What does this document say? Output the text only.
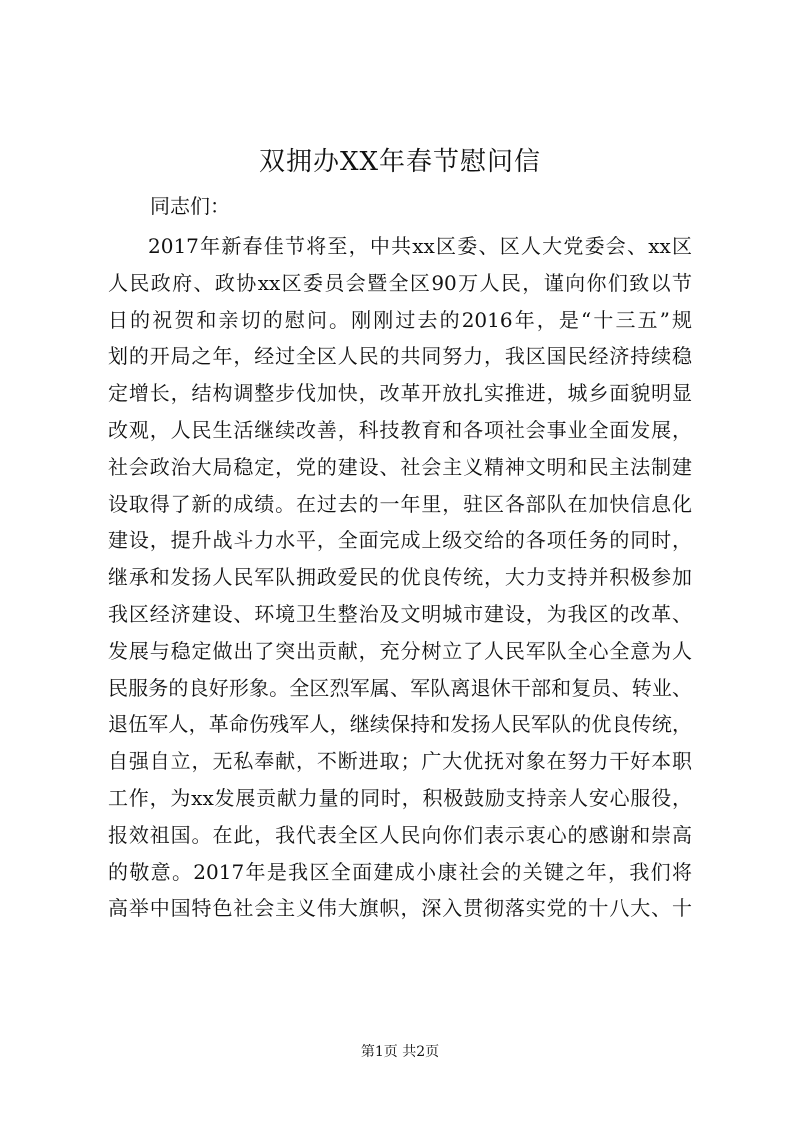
双拥办XX年春节慰问信

同志们：

2017年新春佳节将至，中共xx区委、区人大党委会、xx区
人民政府、政协xx区委员会暨全区90万人民，谨向你们致以节
日的祝贺和亲切的慰问。刚刚过去的2016年，是“十三五”规
划的开局之年，经过全区人民的共同努力，我区国民经济持续稳
定增长，结构调整步伐加快，改革开放扎实推进，城乡面貌明显
改观，人民生活继续改善，科技教育和各项社会事业全面发展，
社会政治大局稳定，党的建设、社会主义精神文明和民主法制建
设取得了新的成绩。在过去的一年里，驻区各部队在加快信息化
建设，提升战斗力水平，全面完成上级交给的各项任务的同时，
继承和发扬人民军队拥政爱民的优良传统，大力支持并积极参加
我区经济建设、环境卫生整治及文明城市建设，为我区的改革、
发展与稳定做出了突出贡献，充分树立了人民军队全心全意为人
民服务的良好形象。全区烈军属、军队离退休干部和复员、转业、
退伍军人，革命伤残军人，继续保持和发扬人民军队的优良传统，
自强自立，无私奉献，不断进取；广大优抚对象在努力干好本职
工作，为xx发展贡献力量的同时，积极鼓励支持亲人安心服役，
报效祖国。在此，我代表全区人民向你们表示衷心的感谢和崇高
的敬意。2017年是我区全面建成小康社会的关键之年，我们将
高举中国特色社会主义伟大旗帜，深入贯彻落实党的十八大、十
第1页 共2页
